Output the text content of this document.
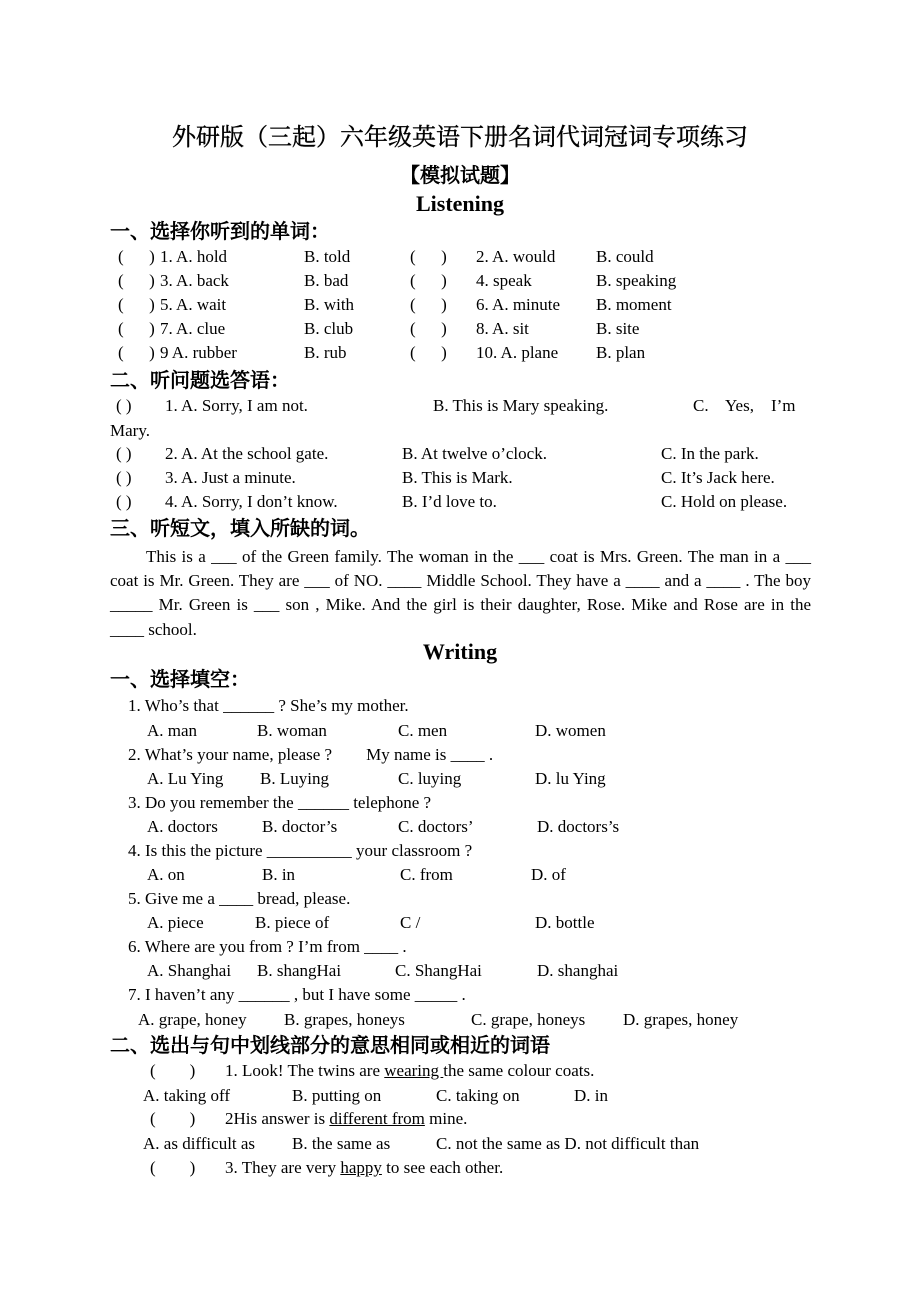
外研版（三起）六年级英语下册名词代词冠词专项练习
【模拟试题】
Listening
一、选择你听到的单词：
二、听问题选答语：
Mary.
三、听短文，填入所缺的词。
This is a ___ of the Green family. The woman in the ___ coat is Mrs. Green. The man in a ___ coat is Mr. Green. They are ___ of NO. ____ Middle School. They have a ____ and a ____ . The boy _____ Mr. Green is ___ son , Mike. And the girl is their daughter, Rose. Mike and Rose are in the ____ school.
Writing
一、选择填空：
二、选出与句中划线部分的意思相同或相近的词语
(      ) 1. A. hold	B. told	(      ) 2. A. would B. could
(      ) 3. A. back	B. bad	(      ) 4. speak	B. speaking
(      ) 5. A. wait	B. with	(      ) 6. A. minute B. moment
(      ) 7. A. clue	B. club	(      ) 8. A. sit	B. site
(      ) 9 A. rubber	B. rub	(      ) 10. A. plane B. plan
( ) 1. A. Sorry, I am not.	B. This is Mary speaking.	C.    Yes,    I’m
( ) 2. A. At the school gate.	B. At twelve o’clock.	C. In the park.
( ) 3. A. Just a minute.	B. This is Mark.	C. It’s Jack here.
( ) 4. A. Sorry, I don’t know.	B. I’d love to.	C. Hold on please.
1. Who’s that ______ ? She’s my mother.
A. man	B. woman	C. men	D. women
2. What’s your name, please ?        My name is ____ .
A. Lu Ying B. Luying	C. luying	D. lu Ying
3. Do you remember the ______ telephone ?
A. doctors	B. doctor’s	C. doctors’	D. doctors’s
4. Is this the picture __________ your classroom ?
A. on	B. in	C. from	D. of
5. Give me a ____ bread, please.
A. piece	B. piece of	C /	D. bottle
6. Where are you from ? I’m from ____ .
A. Shanghai B. shangHai	C. ShangHai	D. shanghai
7. I haven’t any ______ , but I have some _____ .
A. grape, honey B. grapes, honeys	C. grape, honeys D. grapes, honey
(        ) 1. Look! The twins are wearing the same colour coats.
A. taking off	B. putting on	C. taking on	D. in
(        ) 2His answer is different from mine.
A. as difficult as B. the same as	C. not the same as D. not difficult than
(        ) 3. They are very happy to see each other.
